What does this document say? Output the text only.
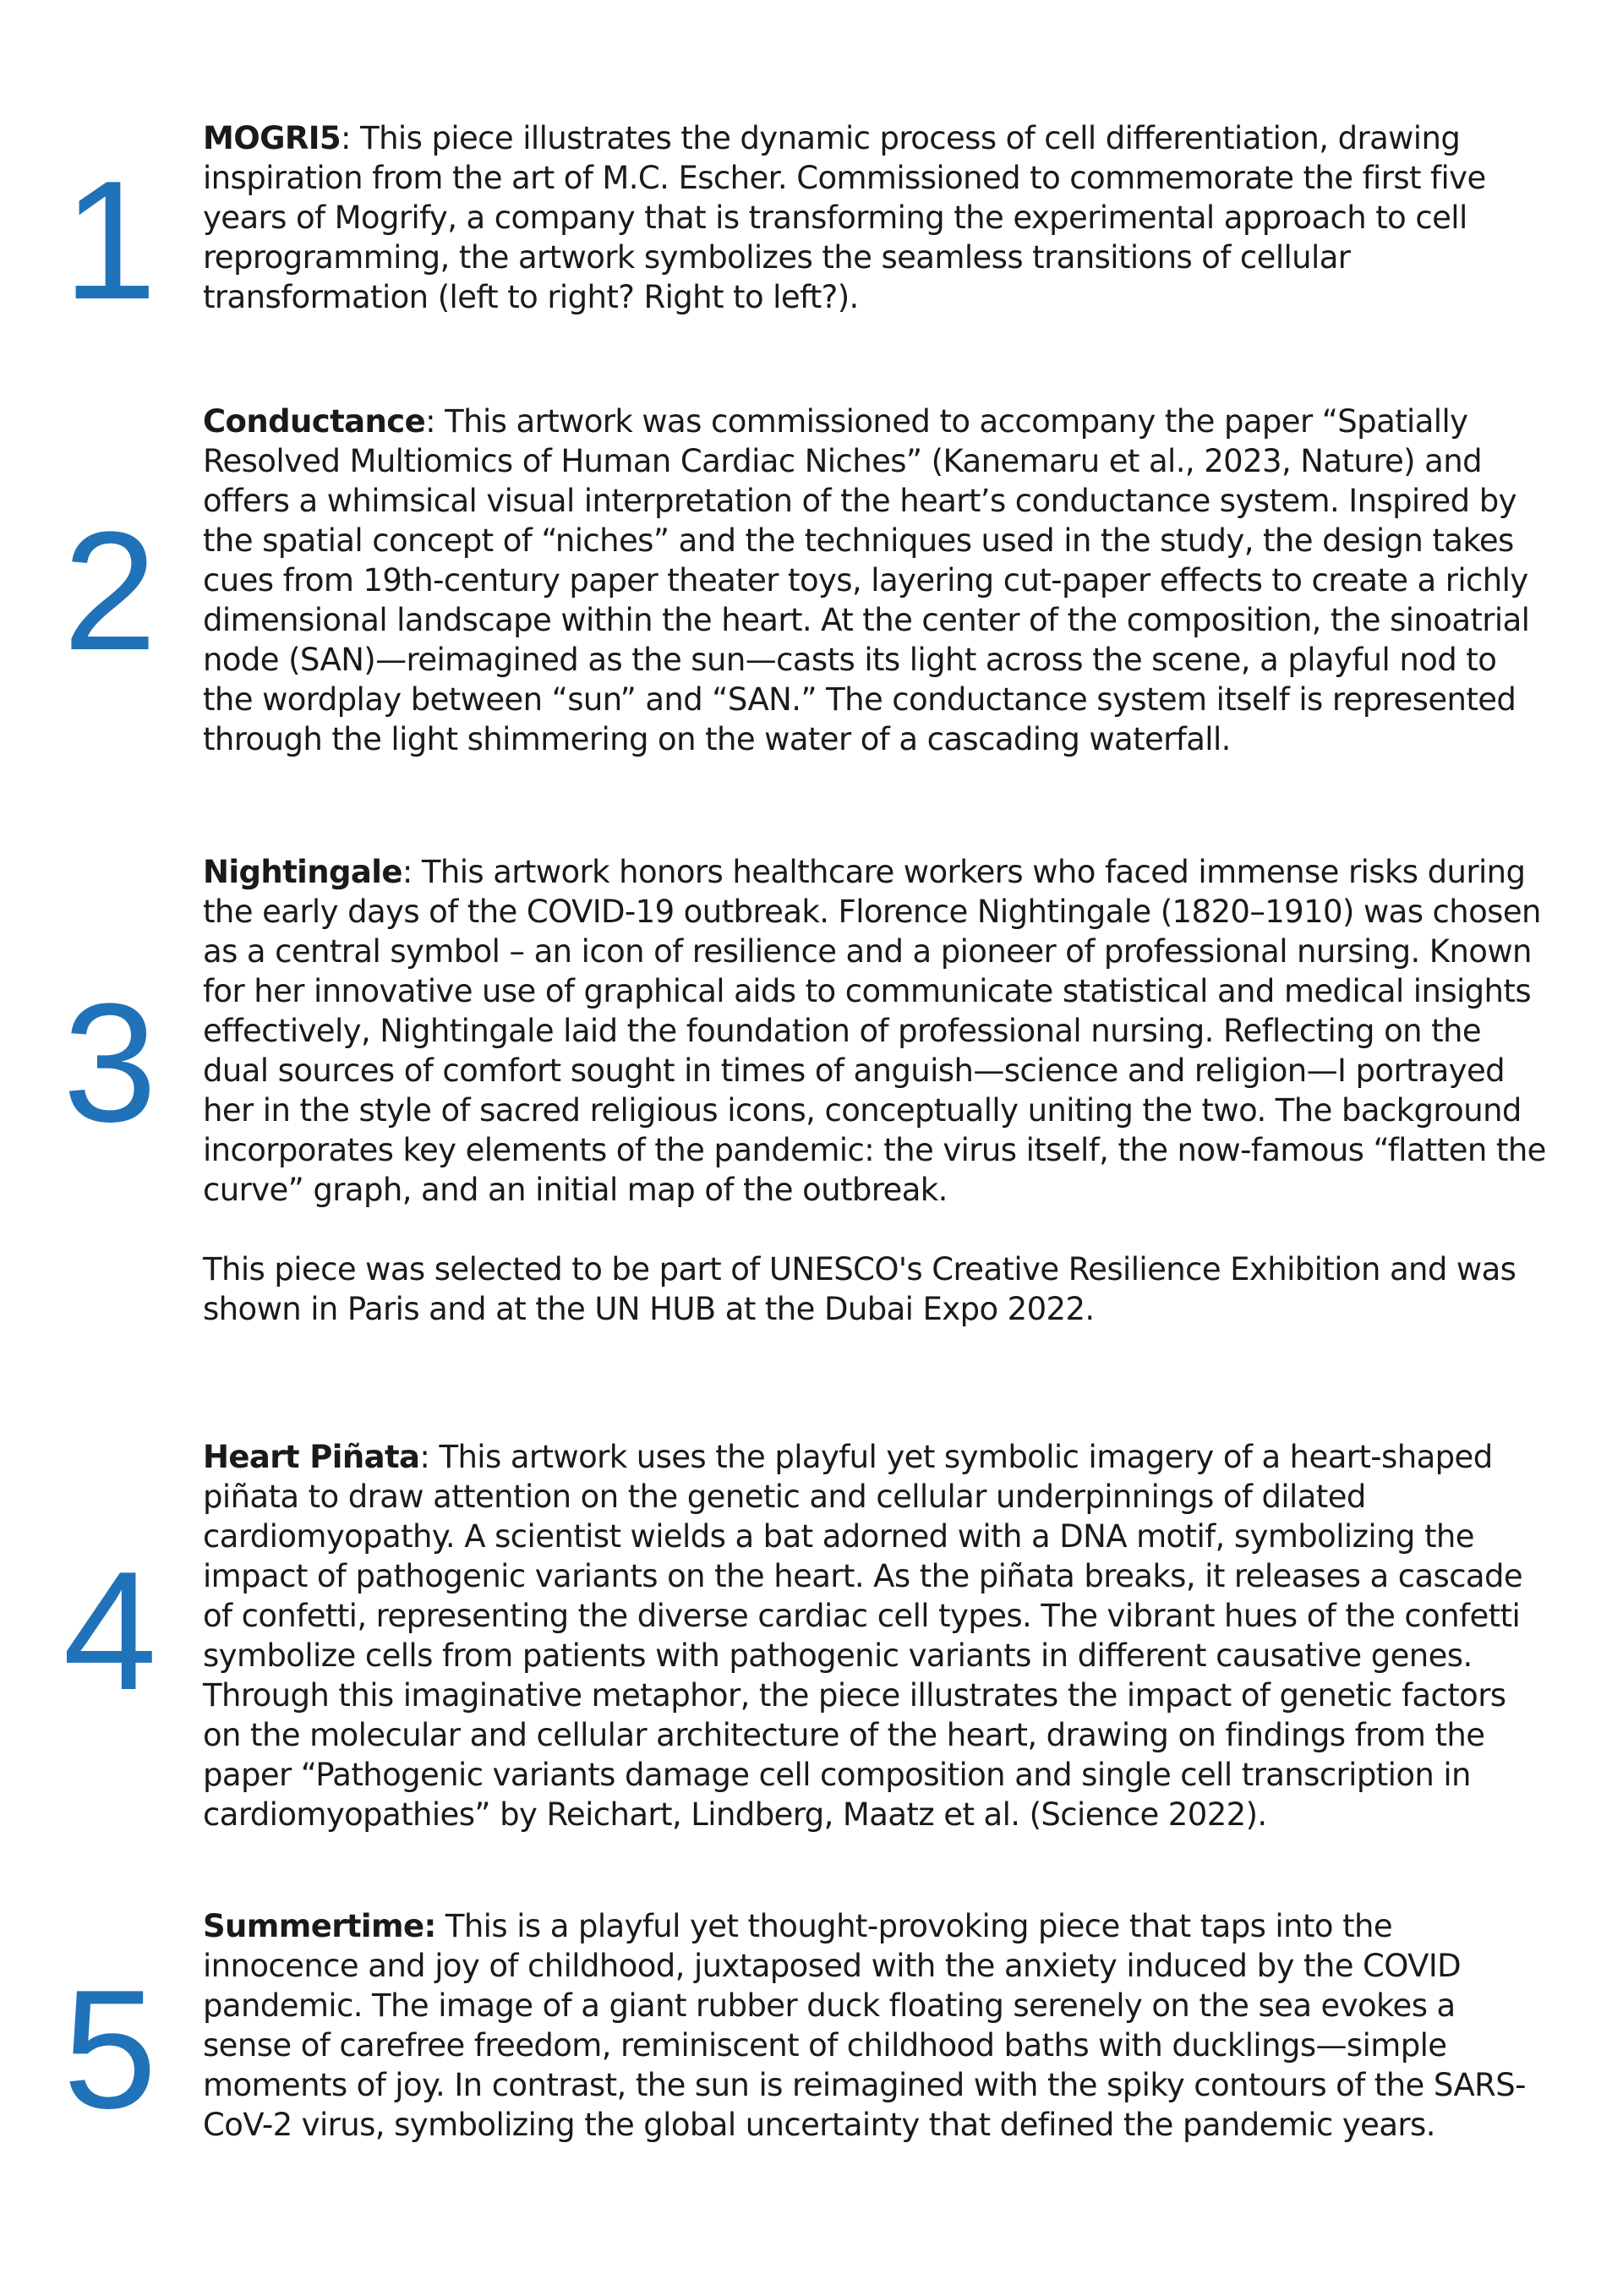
1

MOGRI5: This piece illustrates the dynamic process of cell differentiation, drawing inspiration from the art of M.C. Escher. Commissioned to commemorate the first five years of Mogrify, a company that is transforming the experimental approach to cell reprogramming, the artwork symbolizes the seamless transitions of cellular transformation (left to right? Right to left?).

2

Conductance: This artwork was commissioned to accompany the paper “Spatially Resolved Multiomics of Human Cardiac Niches” (Kanemaru et al., 2023, Nature) and offers a whimsical visual interpretation of the heart’s conductance system. Inspired by the spatial concept of “niches” and the techniques used in the study, the design takes cues from 19th-century paper theater toys, layering cut-paper effects to create a richly dimensional landscape within the heart. At the center of the composition, the sinoatrial node (SAN)—reimagined as the sun—casts its light across the scene, a playful nod to the wordplay between “sun” and “SAN.” The conductance system itself is represented through the light shimmering on the water of a cascading waterfall.

3

Nightingale: This artwork honors healthcare workers who faced immense risks during the early days of the COVID-19 outbreak. Florence Nightingale (1820–1910) was chosen as a central symbol – an icon of resilience and a pioneer of professional nursing. Known for her innovative use of graphical aids to communicate statistical and medical insights effectively, Nightingale laid the foundation of professional nursing. Reflecting on the dual sources of comfort sought in times of anguish—science and religion—I portrayed her in the style of sacred religious icons, conceptually uniting the two. The background incorporates key elements of the pandemic: the virus itself, the now-famous “flatten the curve” graph, and an initial map of the outbreak.

This piece was selected to be part of UNESCO's Creative Resilience Exhibition and was shown in Paris and at the UN HUB at the Dubai Expo 2022.

4

Heart Piñata: This artwork uses the playful yet symbolic imagery of a heart-shaped piñata to draw attention on the genetic and cellular underpinnings of dilated cardiomyopathy. A scientist wields a bat adorned with a DNA motif, symbolizing the impact of pathogenic variants on the heart. As the piñata breaks, it releases a cascade of confetti, representing the diverse cardiac cell types. The vibrant hues of the confetti symbolize cells from patients with pathogenic variants in different causative genes. Through this imaginative metaphor, the piece illustrates the impact of genetic factors on the molecular and cellular architecture of the heart, drawing on findings from the paper “Pathogenic variants damage cell composition and single cell transcription in cardiomyopathies” by Reichart, Lindberg, Maatz et al. (Science 2022).

5

Summertime: This is a playful yet thought-provoking piece that taps into the innocence and joy of childhood, juxtaposed with the anxiety induced by the COVID pandemic. The image of a giant rubber duck floating serenely on the sea evokes a sense of carefree freedom, reminiscent of childhood baths with ducklings—simple moments of joy. In contrast, the sun is reimagined with the spiky contours of the SARS-CoV-2 virus, symbolizing the global uncertainty that defined the pandemic years.
